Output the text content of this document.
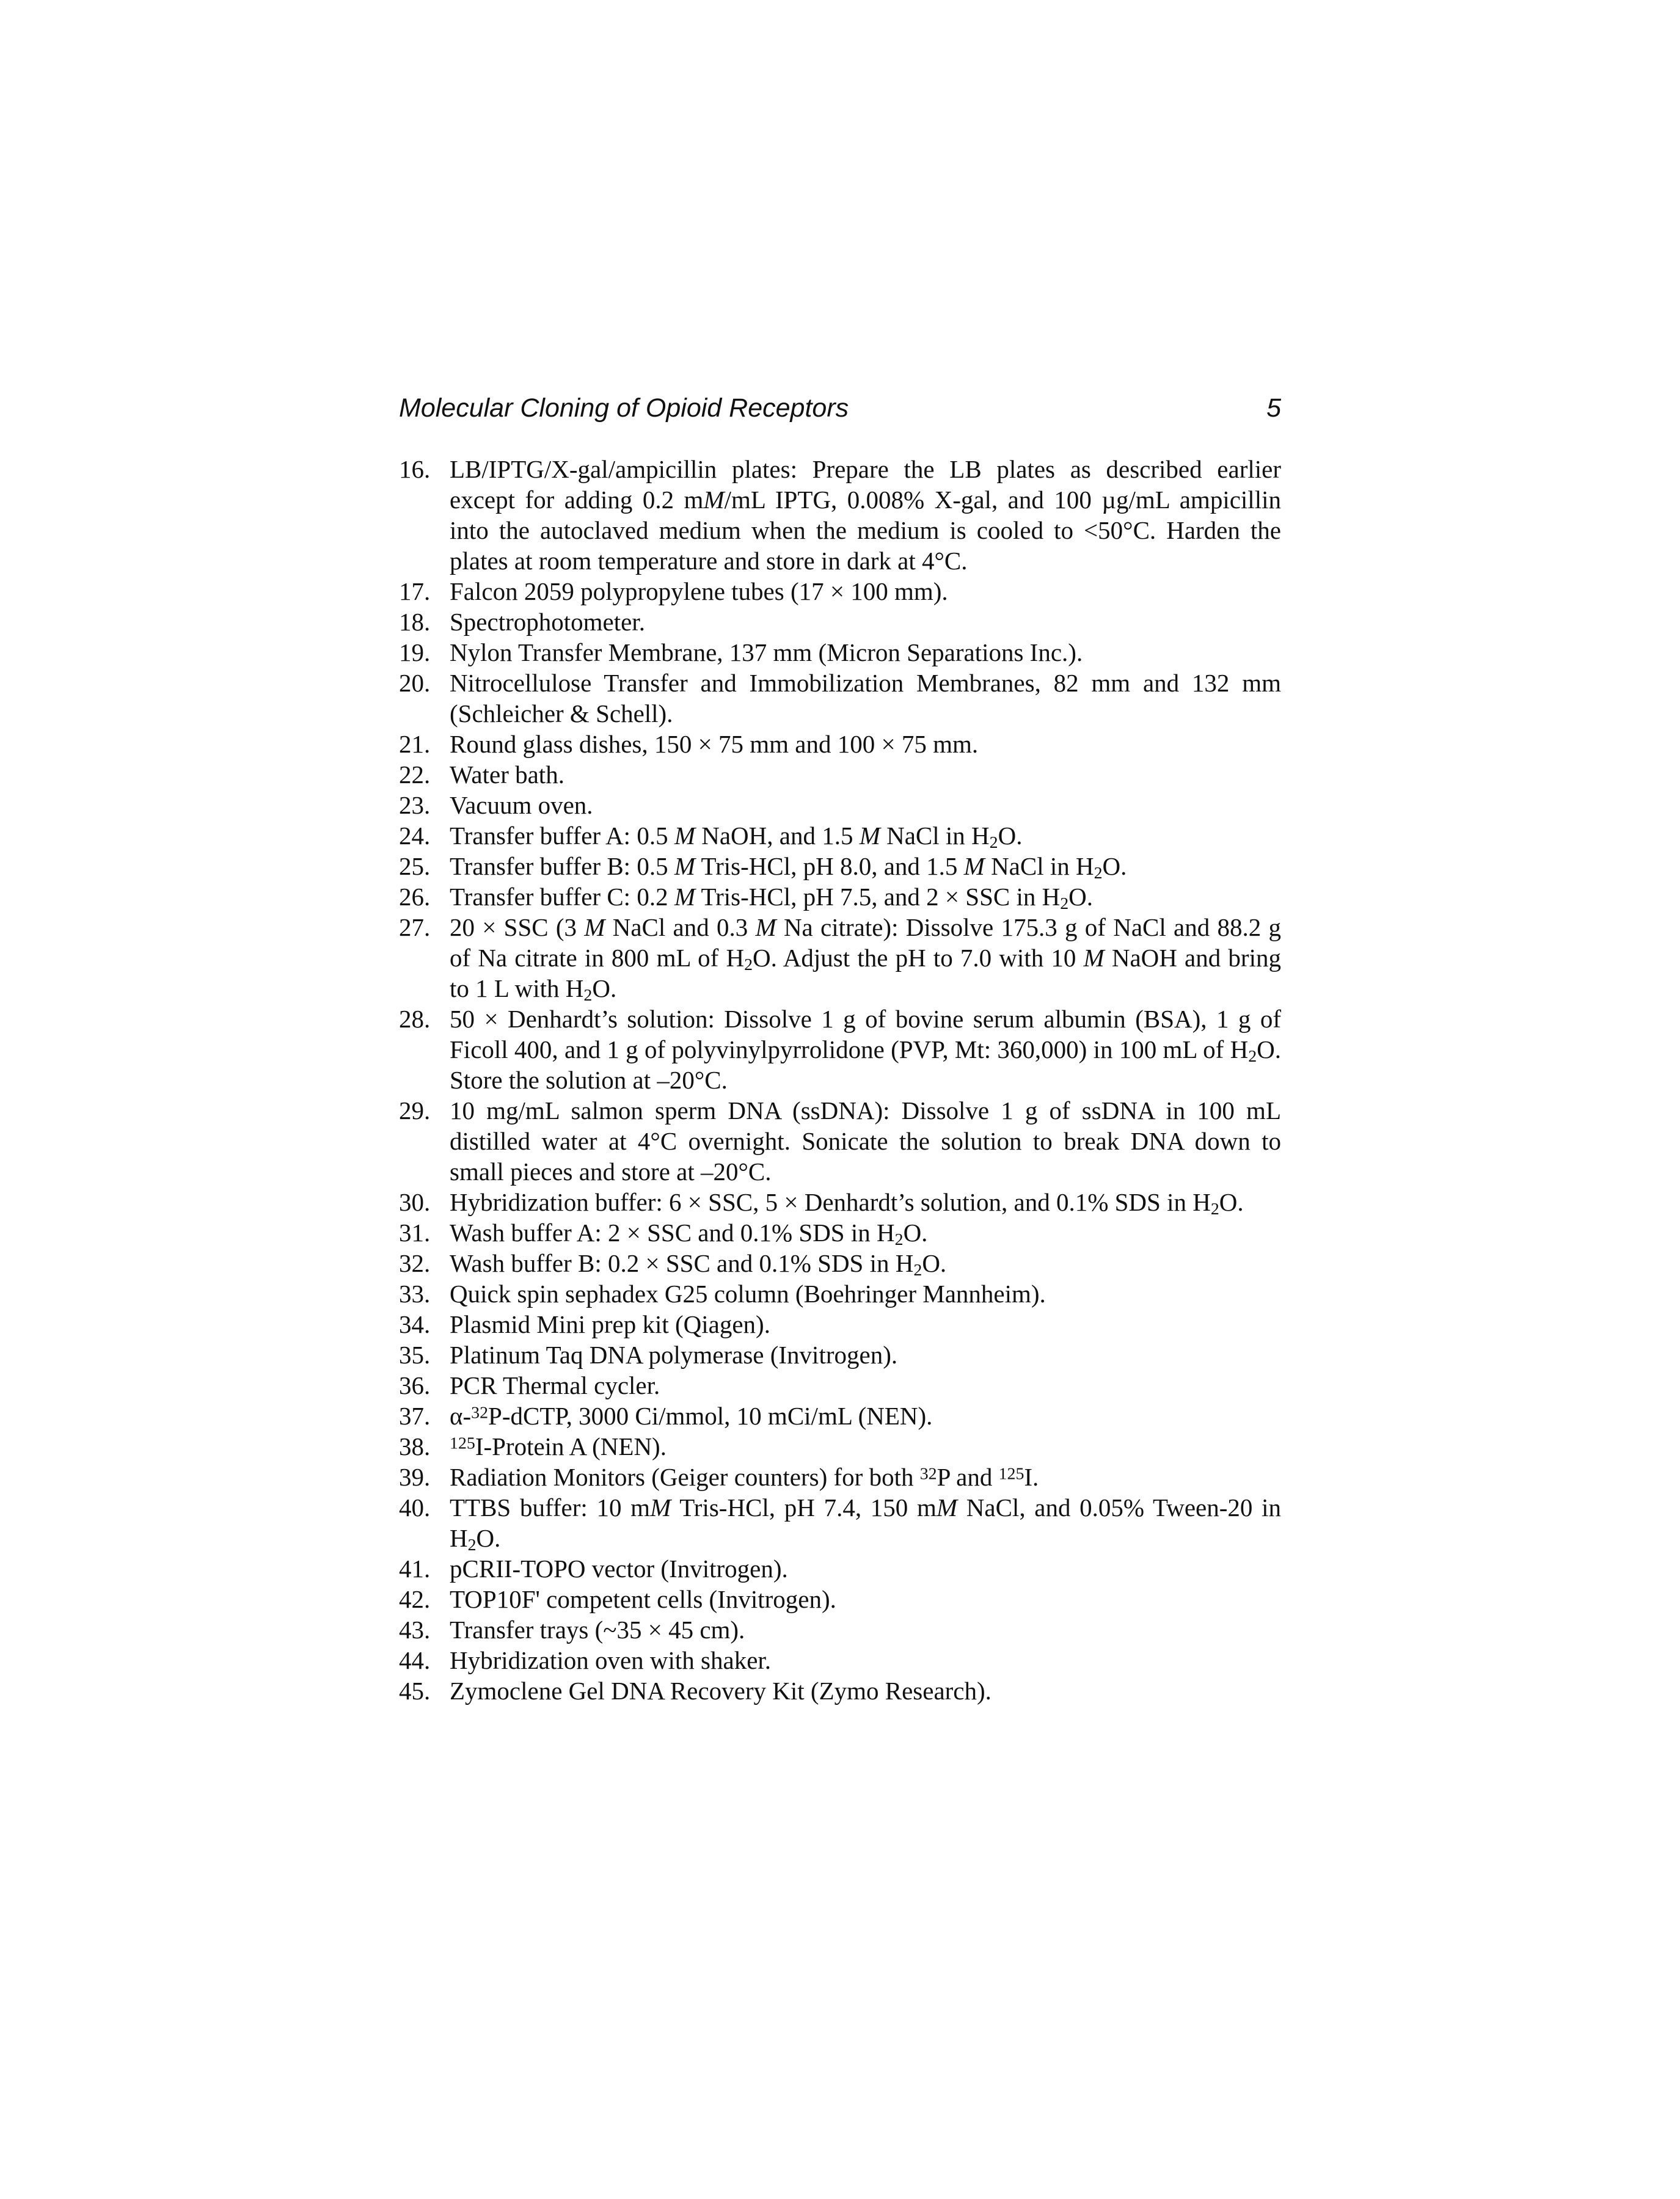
Molecular Cloning of Opioid Receptors	5
16. LB/IPTG/X-gal/ampicillin plates: Prepare the LB plates as described earlier except for adding 0.2 mM/mL IPTG, 0.008% X-gal, and 100 µg/mL ampicillin into the autoclaved medium when the medium is cooled to <50°C. Harden the plates at room temperature and store in dark at 4°C.
17. Falcon 2059 polypropylene tubes (17 × 100 mm).
18. Spectrophotometer.
19. Nylon Transfer Membrane, 137 mm (Micron Separations Inc.).
20. Nitrocellulose Transfer and Immobilization Membranes, 82 mm and 132 mm (Schleicher & Schell).
21. Round glass dishes, 150 × 75 mm and 100 × 75 mm.
22. Water bath.
23. Vacuum oven.
24. Transfer buffer A: 0.5 M NaOH, and 1.5 M NaCl in $H_2O$.
25. Transfer buffer B: 0.5 M Tris-HCl, pH 8.0, and 1.5 M NaCl in $H_2O$.
26. Transfer buffer C: 0.2 M Tris-HCl, pH 7.5, and 2 × SSC in $H_2O$.
27. 20 × SSC (3 M NaCl and 0.3 M Na citrate): Dissolve 175.3 g of NaCl and 88.2 g of Na citrate in 800 mL of $H_2O$. Adjust the pH to 7.0 with 10 M NaOH and bring to 1 L with $H_2O$.
28. 50 × Denhardt’s solution: Dissolve 1 g of bovine serum albumin (BSA), 1 g of Ficoll 400, and 1 g of polyvinylpyrrolidone (PVP, Mt: 360,000) in 100 mL of $H_2O$. Store the solution at –20°C.
29. 10 mg/mL salmon sperm DNA (ssDNA): Dissolve 1 g of ssDNA in 100 mL distilled water at 4°C overnight. Sonicate the solution to break DNA down to small pieces and store at –20°C.
30. Hybridization buffer: 6 × SSC, 5 × Denhardt’s solution, and 0.1% SDS in $H_2O$.
31. Wash buffer A: 2 × SSC and 0.1% SDS in $H_2O$.
32. Wash buffer B: 0.2 × SSC and 0.1% SDS in $H_2O$.
33. Quick spin sephadex G25 column (Boehringer Mannheim).
34. Plasmid Mini prep kit (Qiagen).
35. Platinum Taq DNA polymerase (Invitrogen).
36. PCR Thermal cycler.
37. α-$^{32}$P-dCTP, 3000 Ci/mmol, 10 mCi/mL (NEN).
38.	$^{125}$I-Protein A (NEN).
39. Radiation Monitors (Geiger counters) for both $^{32}$P and $^{125}$I.
40. TTBS buffer: 10 mM Tris-HCl, pH 7.4, 150 mM NaCl, and 0.05% Tween-20 in $H_2O$.
41. pCRII-TOPO vector (Invitrogen).
42. TOP10F' competent cells (Invitrogen).
43. Transfer trays (~35 × 45 cm).
44. Hybridization oven with shaker.
45. Zymoclene Gel DNA Recovery Kit (Zymo Research).
